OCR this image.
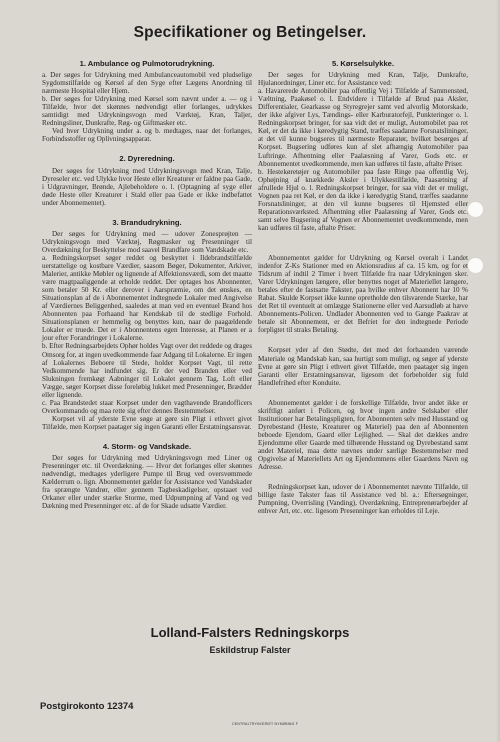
Specifikationer og Betingelser.
1. Ambulance og Pulmotorudrykning.

a. Der søges for Udrykning med Ambulanceautomobil ved pludselige Sygdomstilfælde og Kørsel af den Syge efter Lægens Anordning til nærmeste Hospital eller Hjem.

b. Der søges for Udrykning med Kørsel som nævnt under a. — og i Tilfælde, hvor det skønnes nødvendigt eller forlanges, udrykkes samtidigt med Udrykningsvogn med Værktøj, Kran, Taljer, Redningsliner, Dunkrafte, Røg- og Giftmasker etc.

Ved hver Udrykning under a. og b. medtages, naar det forlanges, Forbindsstoffer og Oplivningsapparat.

2. Dyreredning.

Der søges for Udrykning med Udrykningsvogn med Kran, Talje, Dyreseler etc. ved Ulykke hvor Heste eller Kreaturer er faldne paa Gade, i Udgravninger, Brønde, Ajlebeholdere o. l. (Optagning af syge eller døde Heste eller Kreaturer i Stald eller paa Gade er ikke indbefattet under Abonnementet).

3. Brandudrykning.

Der søges for Udrykning med — udover Zonesprøjten — Udrykningsvogn med Værktøj, Røgmasker og Presenninger til Overdækning for Beskyttelse mod saavel Brandfare som Vandskade etc.

a. Redningskorpset søger reddet og beskyttet i Ildebrandstilfælde uerstattelige og kostbare Værdier, saasom Bøger, Dokumenter, Arkiver, Malerier, antikke Møbler og lignende af Affektionsværdi, som det maatte være magtpaaliggende at erholde reddet. Der optages hos Abonnenter, som betaler 50 Kr. eller derover i Aarspræmie, om det ønskes, en Situationsplan af de i Abonnementet indtegnede Lokaler med Angivelse af Værdiernes Beliggenhed, saaledes at man ved en eventuel Brand hos Abonnenten paa Forhaand har Kendskab til de stedlige Forhold. Situationsplanen er hemmelig og benyttes kun, naar de paagældende Lokaler er truede. Det er i Abonnentens egen Interesse, at Planen er a jour efter Forandringer i Lokalerne.

b. Efter Redningsarbejdets Ophør holdes Vagt over det reddede og drages Omsorg for, at ingen uvedkommende faar Adgang til Lokalerne. Er ingen af Lokalernes Beboere til Stede, holder Korpset Vagt, til rette Vedkommende har indfundet sig. Er der ved Branden eller ved Slukningen fremkøgt Aabninger til Lokalet gennem Tag, Loft eller Vægge, søger Korpset disse foreløbig lukket med Presenninger, Brædder eller lignende.

c. Paa Brandstedet staar Korpset under den vagthavende Brandofficers Overkommando og maa rette sig efter dennes Bestemmelser.

Korpset vil af yderste Evne søge at gøre sin Pligt i ethvert givet Tilfælde, men Korpset paatager sig ingen Garanti eller Erstatningsansvar.

4. Storm- og Vandskade.

Der søges for Udrykning med Udrykningsvogn med Liner og Presenninger etc. til Overdækning. — Hvor det forlanges eller skønnes nødvendigt, medtages yderligere Pumpe til Brug ved oversvømmede Kælderrum o. lign. Abonnementet gælder for Assistance ved Vandskader fra sprængte Vandrør, eller gennem Tagbeskadigelser, opstaaet ved Orkaner eller under stærke Storme, med Udpumpning af Vand og ved Dækning med Presenninger etc. af de for Skade udsatte Værdier.

5. Kørselsulykke.

Der søges for Udrykning med Kran, Talje, Dunkrafte, Hjulanordninger, Liner etc. for Assistance ved:

a. Havarerede Automobiler paa offentlig Vej i Tilfælde af Sammenstød, Væltning, Paakøsel o. l. Endvidere i Tilfælde af Brud paa Aksler, Differentialer, Gearkasse og Styregrejer samt ved alvorlig Motorskade, der ikke afgiver Lys, Tændings- eller Karburatorfejl, Punkteringer o. l. Redningskorpset bringer, for saa vidt det er muligt, Automobilet paa ret Køl, er det da ikke i køredygtig Stand, træffes saadanne Forsnatslininger, at det vil kunne bugseres til nærmeste Reparatør, hvilket besørges af Korpset. Bugsering udføres kun af slet afhængig Automobiler paa Luftringe. Afhentning eller Paalæsning af Varer, Gods etc. er Abonnementet uvedkommende, men kan udføres til faste, aftalte Priser.

b. Hestekøretøjer og Automobiler paa faste Ringe paa offentlig Vej, Ophøjning af knækkede Aksler i Ulykkestilfælde, Paasætning af afrullede Hjul o. l. Redningskorpset bringer, for saa vidt det er muligt, Vognen paa ret Køl, er den da ikke i køredygtig Stand, træffes saadanne Forsnatslininger, at den vil kunne bugseres til Hjemsted eller Reparationsværksted. Afhentning eller Paalæsning af Varer, Gods etc. samt selve Bugsering af Vognen er Abonnementet uvedkommende, men kan udføres til faste, aftalte Priser.

Abonnementet gælder for Udrykning og Kørsel overalt i Landet indenfor Z-Ks Stationer med en Aktionsradius af ca. 15 km, og for et Tidsrum af indtil 2 Timer i hvert Tilfælde fra naar Udrykningen sker. Varer Udrykningen længere, eller benyttes noget af Materiellet længere, betales efter de fastsatte Takster, paa hvilke enhver Abonnent har 10 % Rabat. Skulde Korpset ikke kunne opretholde den tilsvarende Stærke, har det Ret til eventuelt at omlægge Stationerne eller ved Aarsudløb at hæve Abonnements-Policen. Undlader Abonnenten ved to Gange Paakrav at betale sit Abonnement, er det Befriet for den indtegnede Periode forpligtet til straks Betaling.

Korpset yder af den Stødte, det med det forhaanden værende Materiale og Mandskab kan, saa hurtigt som muligt, og søger af yderste Evne at gøre sin Pligt i ethvert givet Tilfælde, men paatager sig ingen Garanti eller Erstatningsansvar, ligesom det forbeholder sig fuld Handlefrihed efter Konduite.

Abonnementet gælder i de forskellige Tilfælde, hvor andet ikke er skriftligt anført i Policen, og hvor ingen andre Selskaber eller Institutioner har Betalingspligten, for Abonnenten selv med Husstand og Dyrebestand (Heste, Kreaturer og Materiel) paa den af Abonnenten beboede Ejendom, Gaard eller Lejlighed. — Skal det dækkes andre Ejendomme eller Gaarde med tilhørende Husstand og Dyrebestand samt andet Materiel, maa dette nævnes under særlige Bestemmelser med Opgivelse af Materiellets Art og Ejendommens eller Gaardens Navn og Adresse.

Redningskorpset kan, udover de i Abonnementet nævnte Tilfælde, til billige faste Takster faas til Assistance ved bl. a.: Eftersøgninger, Pumpning, Overrisling (Vanding), Overdækning, Entreprenørarbejder af enhver Art, etc. etc. ligesom Presenninger kan erholdes til Leje.

Lolland-Falsters Redningskorps
Eskildstrup Falster
Postgirokonto 12374
CENTRALTRYKKERIET NYKØBING F
